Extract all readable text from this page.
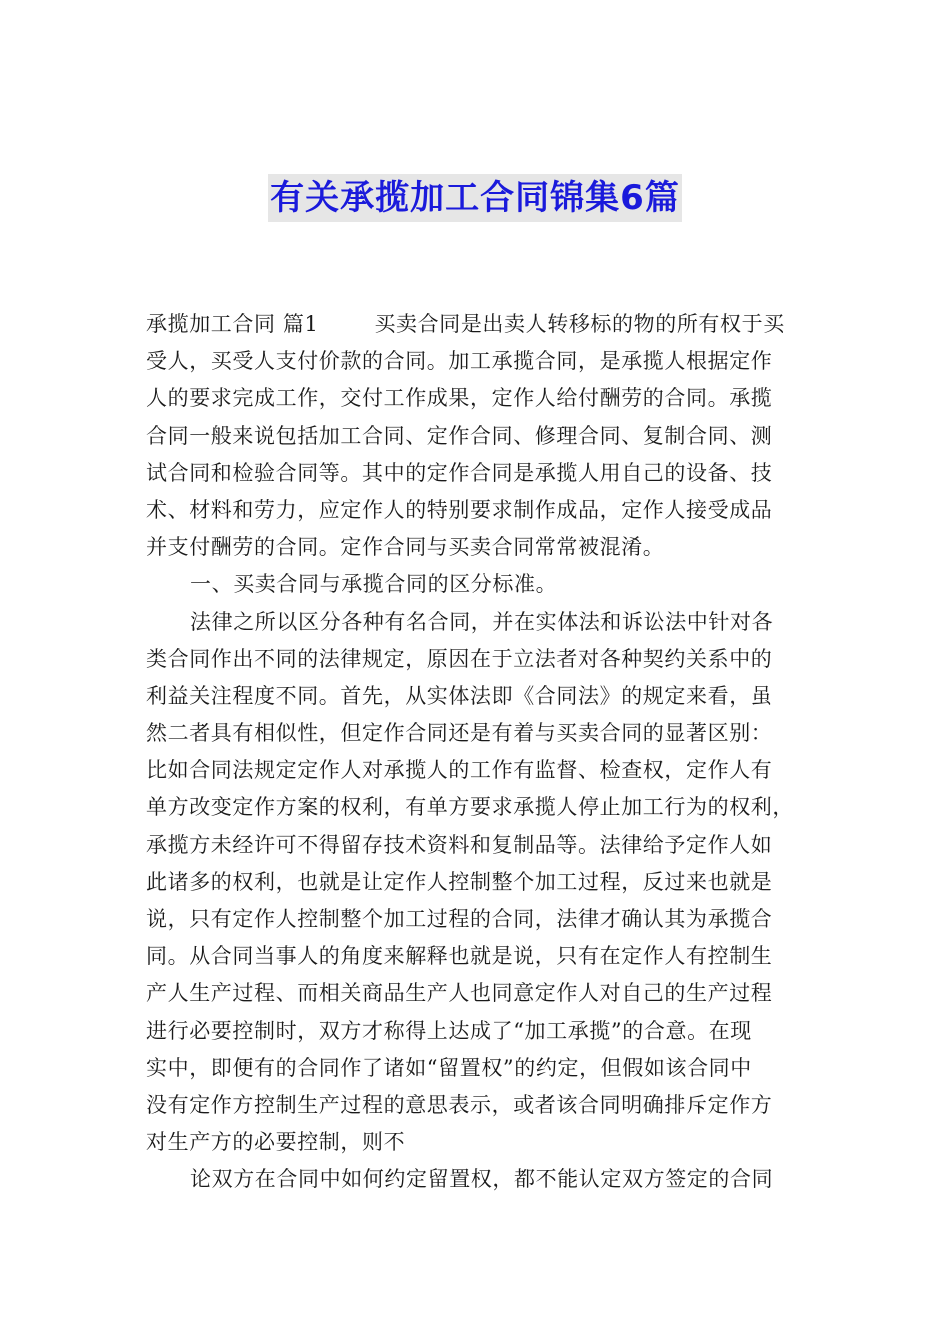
有关承揽加工合同锦集6篇
承揽加工合同 篇1	买卖合同是出卖人转移标的物的所有权于买
受人，买受人支付价款的合同。加工承揽合同，是承揽人根据定作
人的要求完成工作，交付工作成果，定作人给付酬劳的合同。承揽
合同一般来说包括加工合同、定作合同、修理合同、复制合同、测
试合同和检验合同等。其中的定作合同是承揽人用自己的设备、技
术、材料和劳力，应定作人的特别要求制作成品，定作人接受成品
并支付酬劳的合同。定作合同与买卖合同常常被混淆。
一、买卖合同与承揽合同的区分标准。
法律之所以区分各种有名合同，并在实体法和诉讼法中针对各
类合同作出不同的法律规定，原因在于立法者对各种契约关系中的
利益关注程度不同。首先，从实体法即《合同法》的规定来看，虽
然二者具有相似性，但定作合同还是有着与买卖合同的显著区别：
比如合同法规定定作人对承揽人的工作有监督、检查权，定作人有
单方改变定作方案的权利，有单方要求承揽人停止加工行为的权利，
承揽方未经许可不得留存技术资料和复制品等。法律给予定作人如
此诸多的权利，也就是让定作人控制整个加工过程，反过来也就是
说，只有定作人控制整个加工过程的合同，法律才确认其为承揽合
同。从合同当事人的角度来解释也就是说，只有在定作人有控制生
产人生产过程、而相关商品生产人也同意定作人对自己的生产过程
进行必要控制时，双方才称得上达成了“加工承揽”的合意。在现
实中，即便有的合同作了诸如“留置权”的约定，但假如该合同中
没有定作方控制生产过程的意思表示，或者该合同明确排斥定作方
对生产方的必要控制，则不
论双方在合同中如何约定留置权，都不能认定双方签定的合同
